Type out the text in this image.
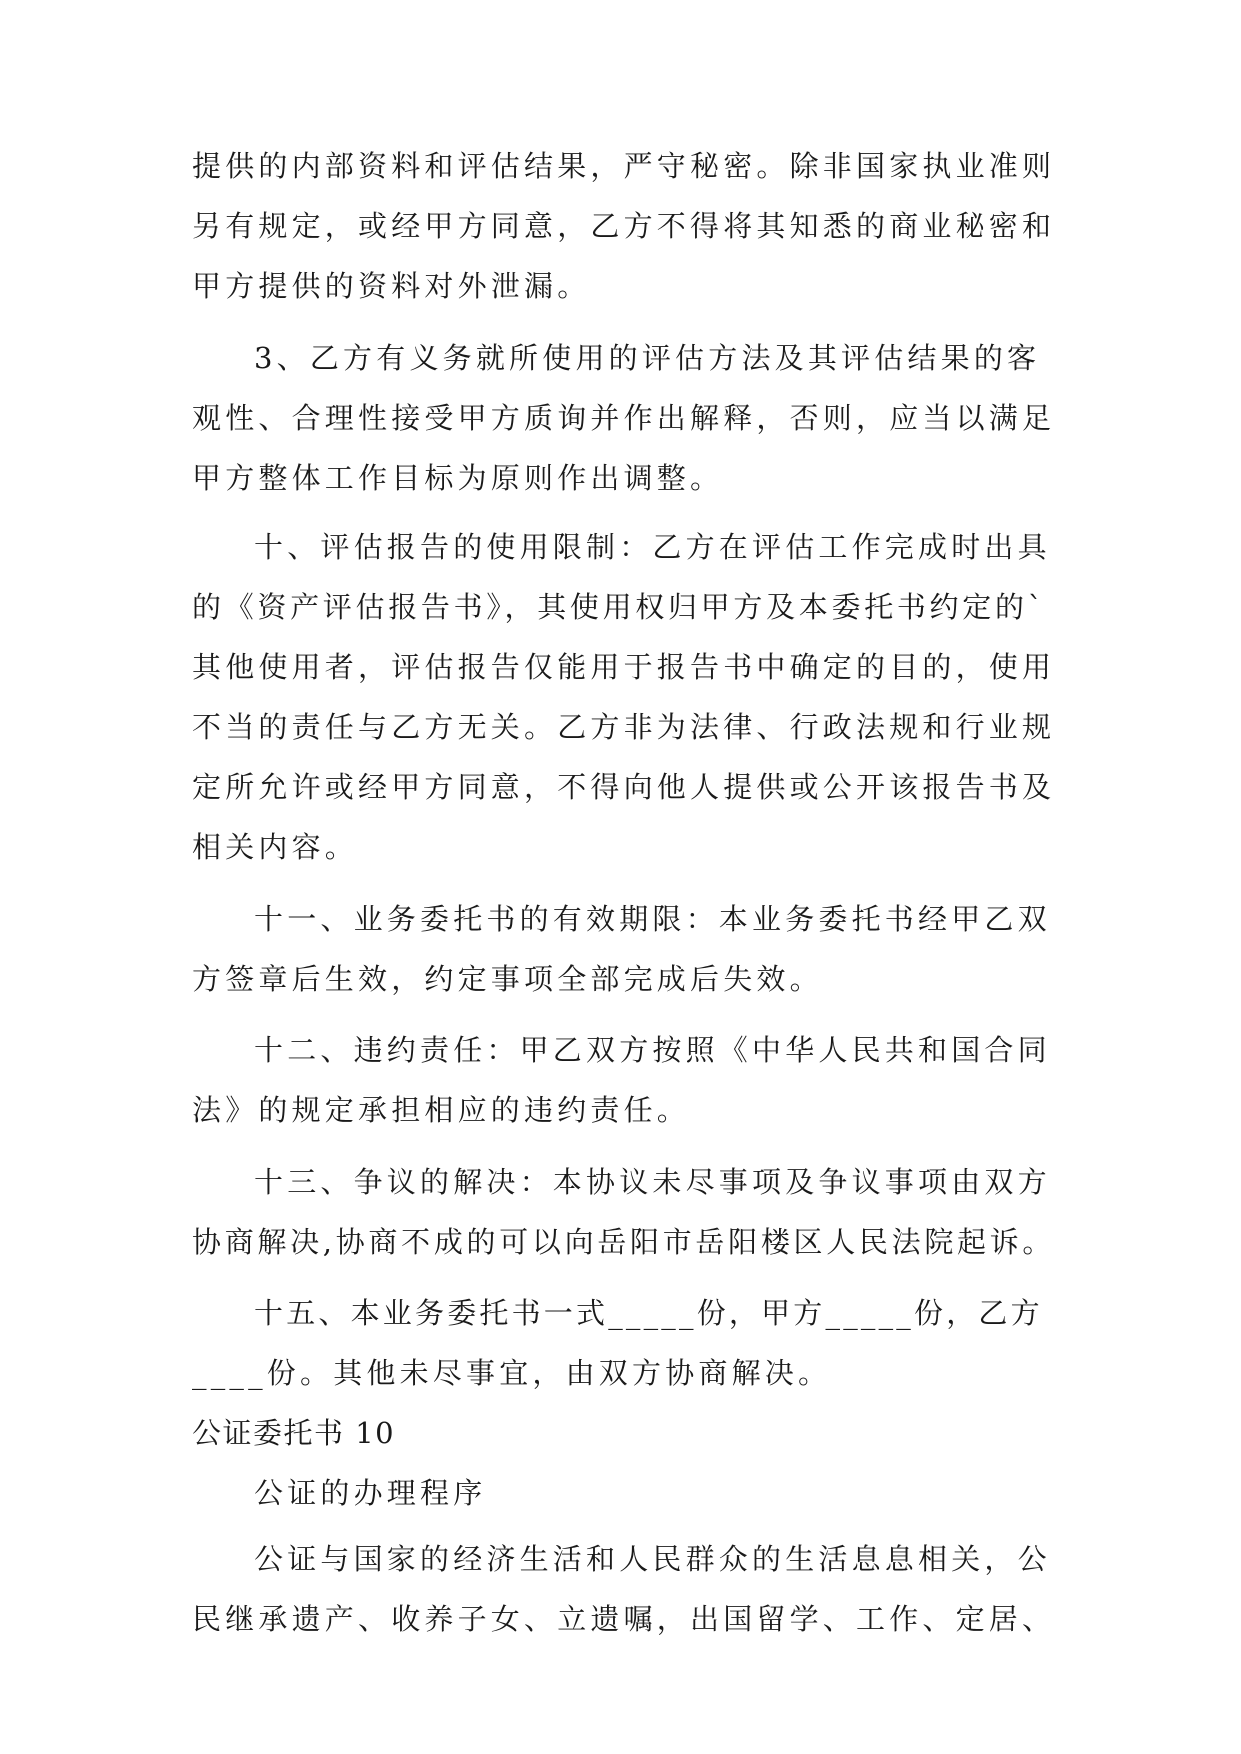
提供的内部资料和评估结果，严守秘密。除非国家执业准则
另有规定，或经甲方同意，乙方不得将其知悉的商业秘密和
甲方提供的资料对外泄漏。
3、乙方有义务就所使用的评估方法及其评估结果的客
观性、合理性接受甲方质询并作出解释，否则，应当以满足
甲方整体工作目标为原则作出调整。
十、评估报告的使用限制：乙方在评估工作完成时出具
的《资产评估报告书》，其使用权归甲方及本委托书约定的`
其他使用者，评估报告仅能用于报告书中确定的目的，使用
不当的责任与乙方无关。乙方非为法律、行政法规和行业规
定所允许或经甲方同意，不得向他人提供或公开该报告书及
相关内容。
十一、业务委托书的有效期限：本业务委托书经甲乙双
方签章后生效，约定事项全部完成后失效。
十二、违约责任：甲乙双方按照《中华人民共和国合同
法》的规定承担相应的违约责任。
十三、争议的解决：本协议未尽事项及争议事项由双方
协商解决,协商不成的可以向岳阳市岳阳楼区人民法院起诉。
十五、本业务委托书一式_____份，甲方_____份，乙方
____份。其他未尽事宜，由双方协商解决。
公证委托书 10
公证的办理程序
公证与国家的经济生活和人民群众的生活息息相关，公
民继承遗产、收养子女、立遗嘱，出国留学、工作、定居、
